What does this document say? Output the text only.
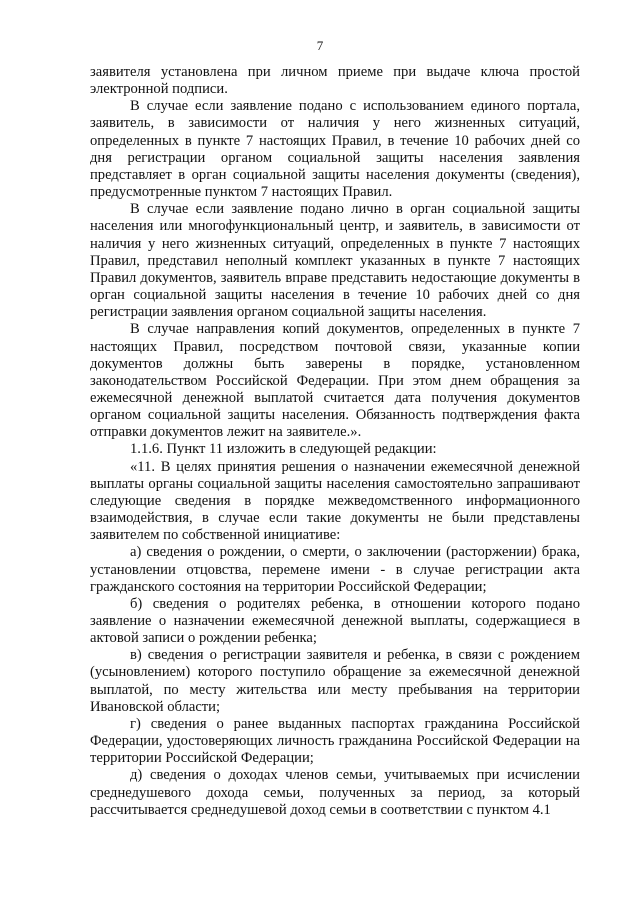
7

заявителя установлена при личном приеме при выдаче ключа простой электронной подписи.

В случае если заявление подано с использованием единого портала, заявитель, в зависимости от наличия у него жизненных ситуаций, определенных в пункте 7 настоящих Правил, в течение 10 рабочих дней со дня регистрации органом социальной защиты населения заявления представляет в орган социальной защиты населения документы (сведения), предусмотренные пунктом 7 настоящих Правил.

В случае если заявление подано лично в орган социальной защиты населения или многофункциональный центр, и заявитель, в зависимости от наличия у него жизненных ситуаций, определенных в пункте 7 настоящих Правил, представил неполный комплект указанных в пункте 7 настоящих Правил документов, заявитель вправе представить недостающие документы в орган социальной защиты населения в течение 10 рабочих дней со дня регистрации заявления органом социальной защиты населения.

В случае направления копий документов, определенных в пункте 7 настоящих Правил, посредством почтовой связи, указанные копии документов должны быть заверены в порядке, установленном законодательством Российской Федерации. При этом днем обращения за ежемесячной денежной выплатой считается дата получения документов органом социальной защиты населения. Обязанность подтверждения факта отправки документов лежит на заявителе.».

1.1.6. Пункт 11 изложить в следующей редакции:

«11. В целях принятия решения о назначении ежемесячной денежной выплаты органы социальной защиты населения самостоятельно запрашивают следующие сведения в порядке межведомственного информационного взаимодействия, в случае если такие документы не были представлены заявителем по собственной инициативе:

а) сведения о рождении, о смерти, о заключении (расторжении) брака, установлении отцовства, перемене имени - в случае регистрации акта гражданского состояния на территории Российской Федерации;

б) сведения о родителях ребенка, в отношении которого подано заявление о назначении ежемесячной денежной выплаты, содержащиеся в актовой записи о рождении ребенка;

в) сведения о регистрации заявителя и ребенка, в связи с рождением (усыновлением) которого поступило обращение за ежемесячной денежной выплатой, по месту жительства или месту пребывания на территории Ивановской области;

г) сведения о ранее выданных паспортах гражданина Российской Федерации, удостоверяющих личность гражданина Российской Федерации на территории Российской Федерации;

д) сведения о доходах членов семьи, учитываемых при исчислении среднедушевого дохода семьи, полученных за период, за который рассчитывается среднедушевой доход семьи в соответствии с пунктом 4.1
